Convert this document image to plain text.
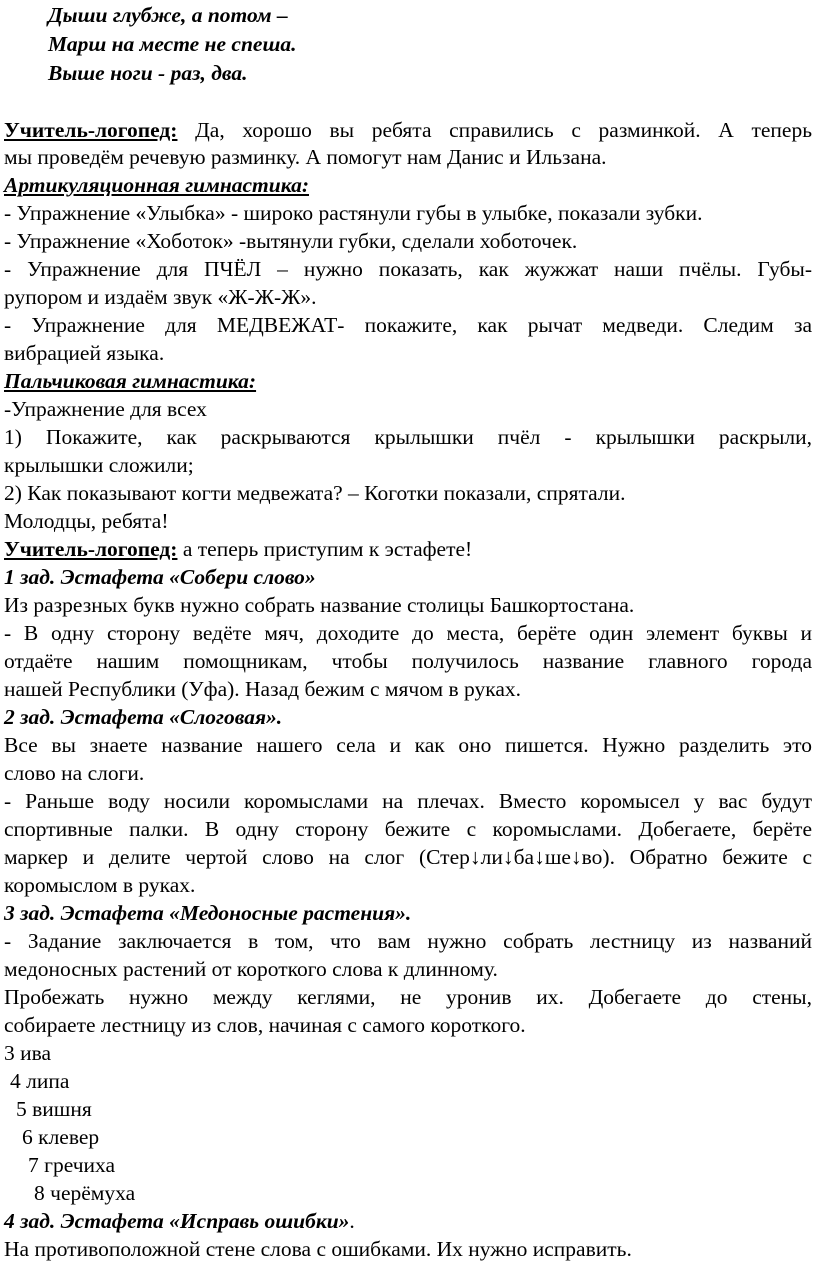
Дыши глубже, а потом –
Марш на месте не спеша.
Выше ноги - раз, два.
Учитель-логопед: Да, хорошо вы ребята справились с разминкой. А теперь
мы проведём речевую разминку. А помогут нам Данис и Ильзана.
Артикуляционная гимнастика:
- Упражнение «Улыбка» - широко растянули губы в улыбке, показали зубки.
- Упражнение «Хоботок» -вытянули губки, сделали хоботочек.
- Упражнение для ПЧЁЛ – нужно показать, как жужжат наши пчёлы. Губы-
рупором и издаём звук «Ж-Ж-Ж».
- Упражнение для МЕДВЕЖАТ- покажите, как рычат медведи. Следим за
вибрацией языка.
Пальчиковая гимнастика:
-Упражнение для всех
1) Покажите, как раскрываются крылышки пчёл - крылышки раскрыли,
крылышки сложили;
2) Как показывают когти медвежата? – Коготки показали, спрятали.
Молодцы, ребята!
Учитель-логопед: а теперь приступим к эстафете!
1 зад. Эстафета «Собери слово»
Из разрезных букв нужно собрать название столицы Башкортостана.
- В одну сторону ведёте мяч, доходите до места, берёте один элемент буквы и
отдаёте нашим помощникам, чтобы получилось название главного города
нашей Республики (Уфа). Назад бежим с мячом в руках.
2 зад. Эстафета «Слоговая».
Все вы знаете название нашего села и как оно пишется. Нужно разделить это
слово на слоги.
- Раньше воду носили коромыслами на плечах. Вместо коромысел у вас будут
спортивные палки. В одну сторону бежите с коромыслами. Добегаете, берёте
маркер и делите чертой слово на слог (Стер↓ли↓ба↓ше↓во). Обратно бежите с
коромыслом в руках.
3 зад. Эстафета «Медоносные растения».
- Задание заключается в том, что вам нужно собрать лестницу из названий
медоносных растений от короткого слова к длинному.
Пробежать нужно между кеглями, не уронив их. Добегаете до стены,
собираете лестницу из слов, начиная с самого короткого.
3 ива
4 липа
5 вишня
6 клевер
7 гречиха
8 черёмуха
4 зад. Эстафета «Исправь ошибки».
На противоположной стене слова с ошибками. Их нужно исправить.
